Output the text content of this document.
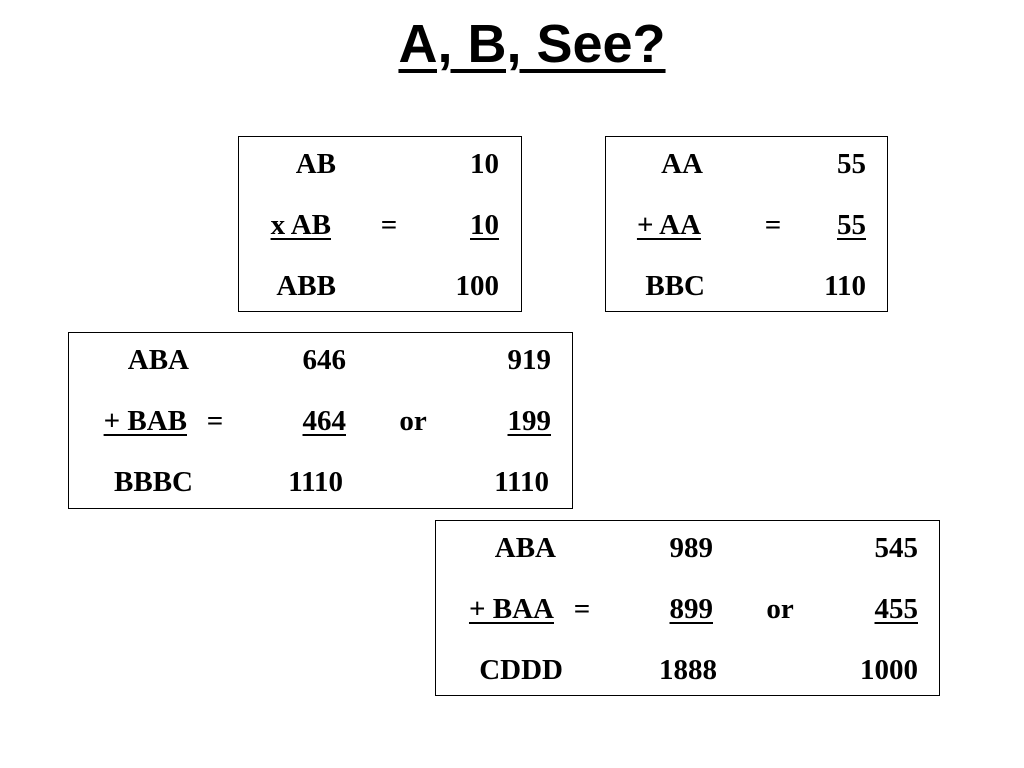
A, B, See?
AB	10
x AB	=	10
ABB	100
AA	55
+ AA	=	55
BBC	110
ABA	646	919
+ BAB =	464	or	199
BBBC	1110	1110
ABA	989	545
+ BAA =	899	or	455
CDDD	1888	1000
